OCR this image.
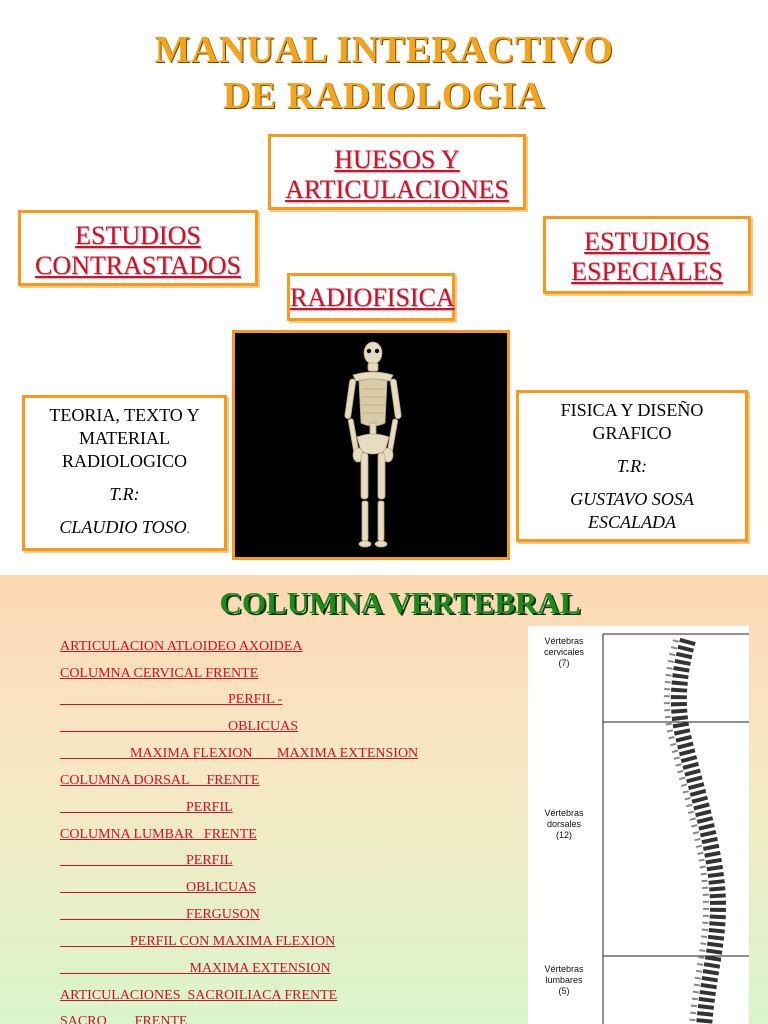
MANUAL INTERACTIVO
DE RADIOLOGIA
HUESOS Y
ARTICULACIONES
ESTUDIOS
CONTRASTADOS
ESTUDIOS
ESPECIALES
RADIOFISICA
TEORIA, TEXTO Y
MATERIAL
RADIOLOGICO
T.R:
CLAUDIO TOSO.
FISICA Y DISEÑO
GRAFICO
T.R:
GUSTAVO SOSA
ESCALADA
COLUMNA VERTEBRAL
ARTICULACION ATLOIDEO AXOIDEA
COLUMNA CERVICAL FRENTE
PERFIL -
OBLICUAS
MAXIMA FLEXION       MAXIMA EXTENSION
COLUMNA DORSAL     FRENTE
PERFIL
COLUMNA LUMBAR   FRENTE
PERFIL
OBLICUAS
FERGUSON
PERFIL CON MAXIMA FLEXION
MAXIMA EXTENSION
ARTICULACIONES  SACROILIACA FRENTE
SACRO        FRENTE
Vértebras
cervicales
(7)
Vértebras
dorsales
(12)
Vértebras
lumbares
(5)
